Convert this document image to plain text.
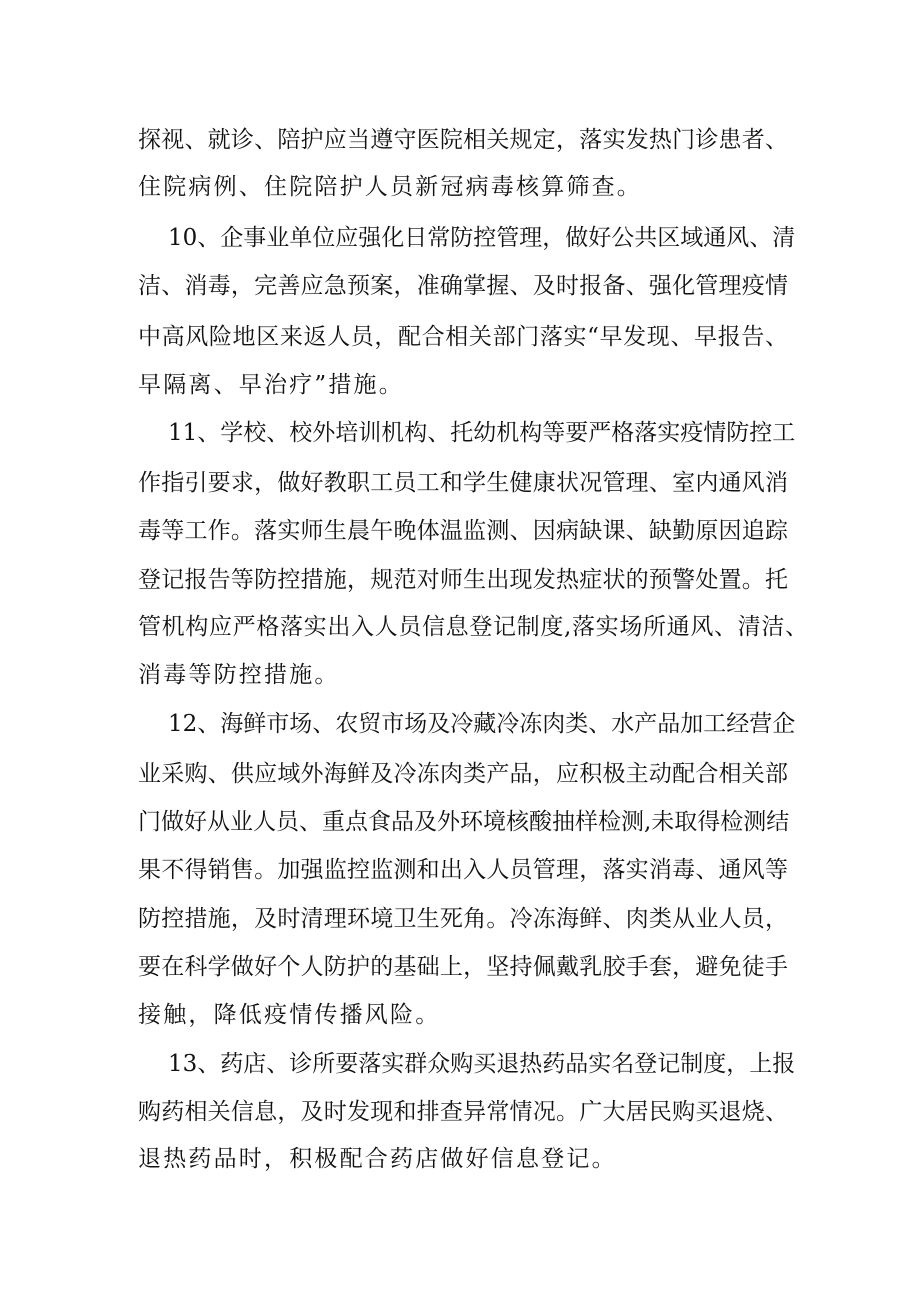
探视、就诊、陪护应当遵守医院相关规定，落实发热门诊患者、
住院病例、住院陪护人员新冠病毒核算筛查。
10、企事业单位应强化日常防控管理，做好公共区域通风、清
洁、消毒，完善应急预案，准确掌握、及时报备、强化管理疫情
中高风险地区来返人员，配合相关部门落实“早发现、早报告、
早隔离、早治疗”措施。
11、学校、校外培训机构、托幼机构等要严格落实疫情防控工
作指引要求，做好教职工员工和学生健康状况管理、室内通风消
毒等工作。落实师生晨午晚体温监测、因病缺课、缺勤原因追踪
登记报告等防控措施，规范对师生出现发热症状的预警处置。托
管机构应严格落实出入人员信息登记制度,落实场所通风、清洁、
消毒等防控措施。
12、海鲜市场、农贸市场及冷藏冷冻肉类、水产品加工经营企
业采购、供应域外海鲜及冷冻肉类产品，应积极主动配合相关部
门做好从业人员、重点食品及外环境核酸抽样检测,未取得检测结
果不得销售。加强监控监测和出入人员管理，落实消毒、通风等
防控措施，及时清理环境卫生死角。冷冻海鲜、肉类从业人员，
要在科学做好个人防护的基础上，坚持佩戴乳胶手套，避免徒手
接触，降低疫情传播风险。
13、药店、诊所要落实群众购买退热药品实名登记制度，上报
购药相关信息，及时发现和排查异常情况。广大居民购买退烧、
退热药品时，积极配合药店做好信息登记。
